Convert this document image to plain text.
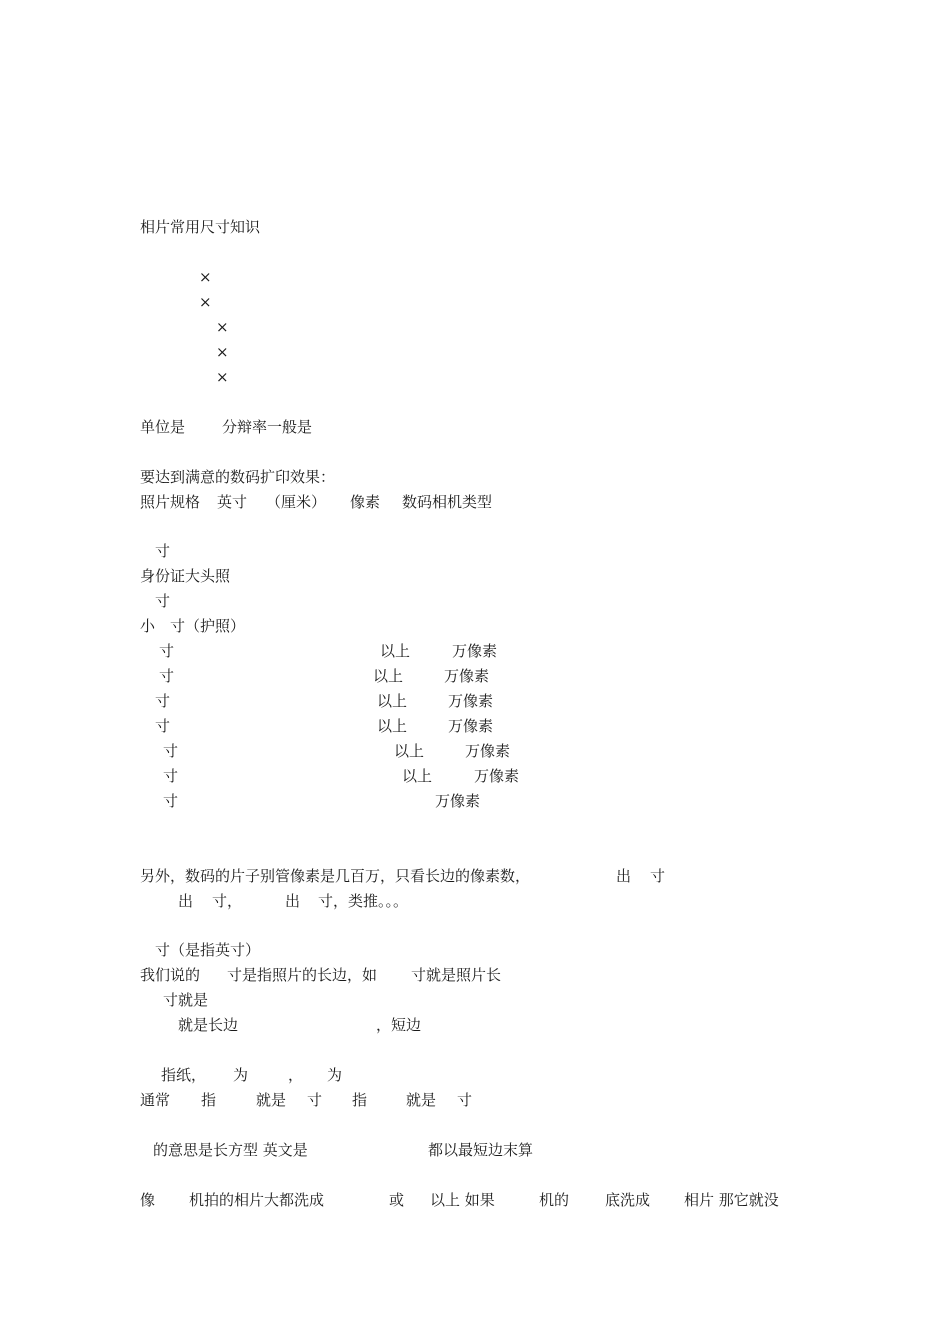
相片常用尺寸知识
×
×
×
×
×
单位是 分辩率一般是
要达到满意的数码扩印效果：
照片规格 英寸 （厘米） 像素 数码相机类型
寸
身份证大头照
寸
小　寸（护照）
寸	以上	万像素
寸	以上	万像素
寸	以上	万像素
寸	以上	万像素
寸	以上	万像素
寸	以上	万像素
寸	万像素
另外，数码的片子别管像素是几百万，只看长边的像素数，	出 寸
出 寸，	出 寸，类推。。。
寸（是指英寸）
我们说的 寸是指照片的长边，如 寸就是照片长
寸就是
就是长边	，短边
指纸， 为	， 为
通常 指	就是 寸 指	就是 寸
的意思是长方型 英文是	都以最短边末算
像 机拍的相片大都洗成	或 以上 如果	机的 底洗成 相片 那它就没
